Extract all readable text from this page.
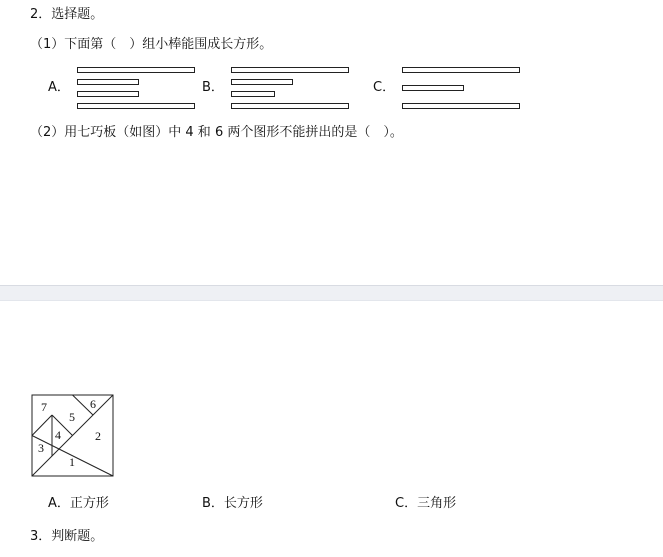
2．选择题。
（1）下面第（　）组小棒能围成长方形。
A．	B．	C．
（2）用七巧板（如图）中 4 和 6 两个图形不能拼出的是（　）。
7
5
6
4	2
3
1
A．正方形	B．长方形	C．三角形
3．判断题。
